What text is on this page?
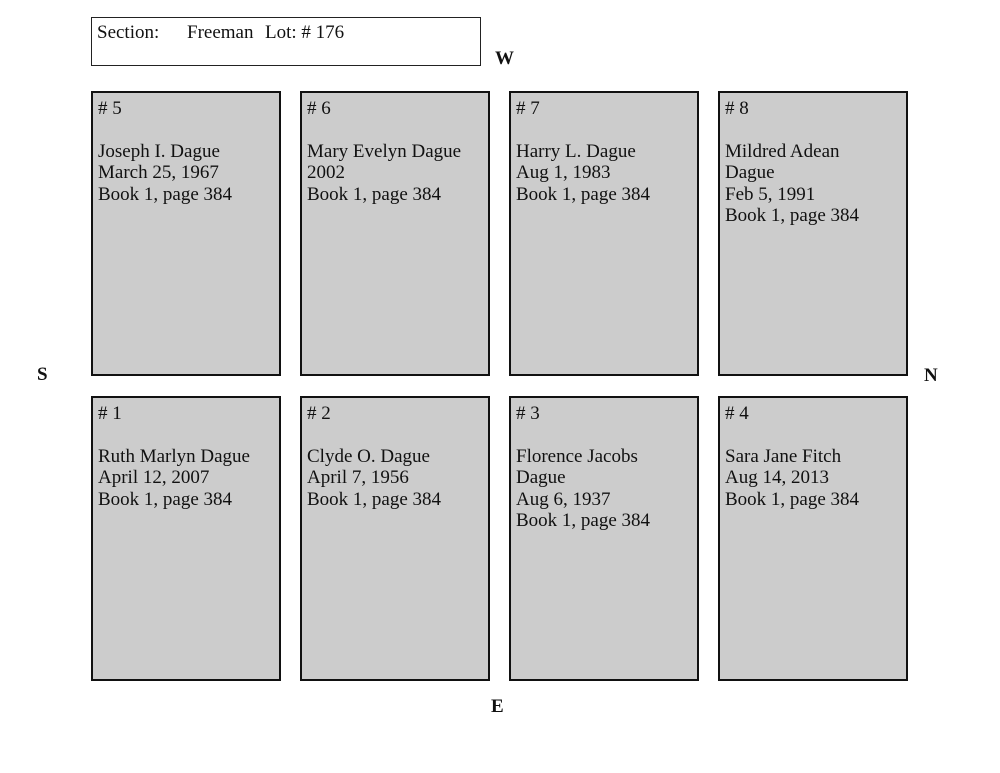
Section: Freeman Lot: # 176
W
S	N
E
# 5
Joseph I. Dague
March 25, 1967
Book 1, page 384
# 6
Mary Evelyn Dague
2002
Book 1, page 384
# 7
Harry L. Dague
Aug 1, 1983
Book 1, page 384
# 8
Mildred Adean
Dague
Feb 5, 1991
Book 1, page 384
# 1
Ruth Marlyn Dague
April 12, 2007
Book 1, page 384
# 2
Clyde O. Dague
April 7, 1956
Book 1, page 384
# 3
Florence Jacobs
Dague
Aug 6, 1937
Book 1, page 384
# 4
Sara Jane Fitch
Aug 14, 2013
Book 1, page 384
